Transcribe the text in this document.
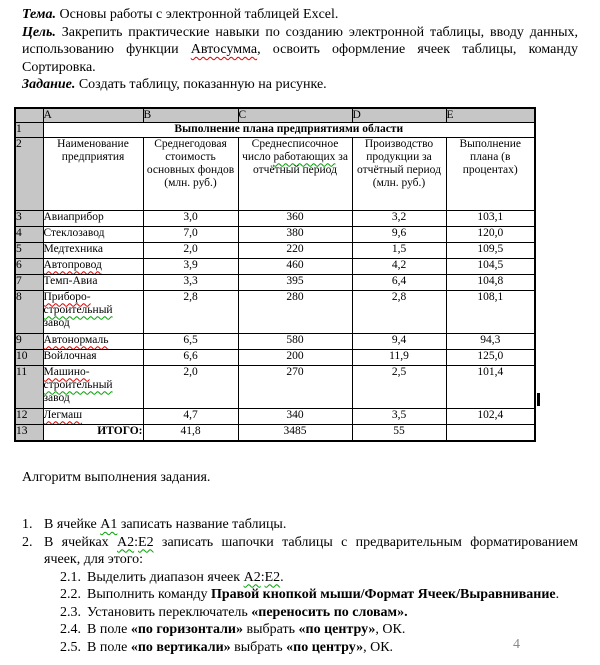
Тема. Основы работы с электронной таблицей Excel.

Цель. Закрепить практические навыки по созданию электронной таблицы, вводу данных, использованию функции Автосумма, освоить оформление ячеек таблицы, команду Сортировка.

Задание. Создать таблицу, показанную на рисунке.

	A	B	C	D	E
1	Выполнение плана предприятиями области				
2	Наименование предприятия	Среднегодовая стоимость основных фондов (млн. руб.)	Среднесписочное число работающих за отчётный период	Производство продукции за отчётный период (млн. руб.)	Выполнение плана (в процентах)
3	Авиаприбор	3,0	360	3,2	103,1
4	Стеклозавод	7,0	380	9,6	120,0
5	Медтехника	2,0	220	1,5	109,5
6	Автопровод	3,9	460	4,2	104,5
7	Темп-Авиа	3,3	395	6,4	104,8
8	Приборо-
строительный
завод	2,8	280	2,8	108,1
9	Автонормаль	6,5	580	9,4	94,3
10	Войлочная	6,6	200	11,9	125,0
11	Машино-
строительный
завод	2,0	270	2,5	101,4
12	Легмаш	4,7	340	3,5	102,4
13	ИТОГО:	41,8	3485	55	

Алгоритм выполнения задания.

1. В ячейке А1 записать название таблицы.

2. В ячейках А2:Е2 записать шапочки таблицы с предварительным форматированием ячеек, для этого:

2.1. Выделить диапазон ячеек А2:Е2.

2.2. Выполнить команду Правой кнопкой мыши/Формат Ячеек/Выравнивание.

2.3. Установить переключатель «переносить по словам».

2.4. В поле «по горизонтали» выбрать «по центру», ОК.

2.5. В поле «по вертикали» выбрать «по центру», ОК.	4
